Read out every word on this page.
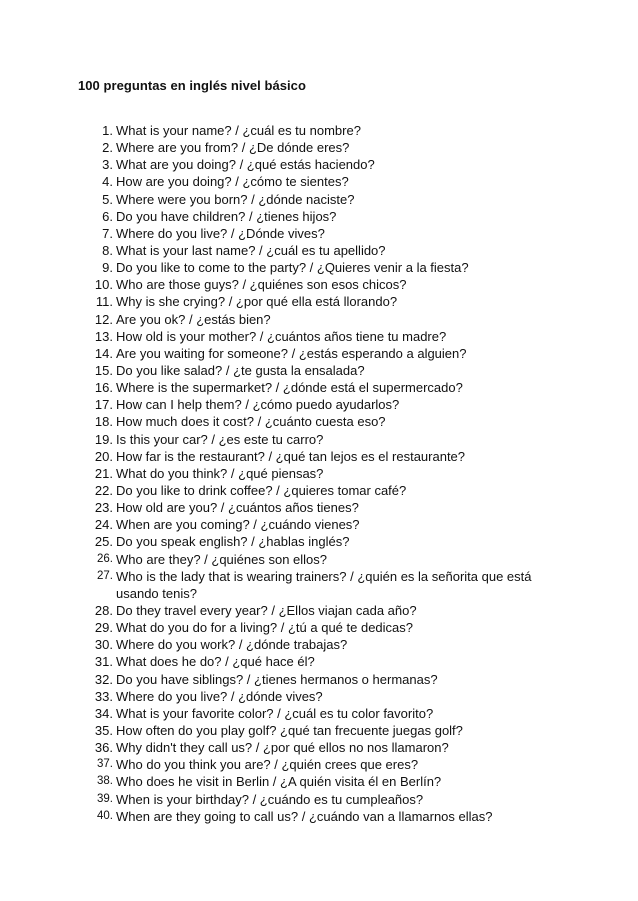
100 preguntas en inglés nivel básico
1. What is your name? / ¿cuál es tu nombre?
2. Where are you from? / ¿De dónde eres?
3. What are you doing? / ¿qué estás haciendo?
4. How are you doing? / ¿cómo te sientes?
5. Where were you born? / ¿dónde naciste?
6. Do you have children? / ¿tienes hijos?
7. Where do you live? / ¿Dónde vives?
8. What is your last name? / ¿cuál es tu apellido?
9. Do you like to come to the party? / ¿Quieres venir a la fiesta?
10. Who are those guys? / ¿quiénes son esos chicos?
11. Why is she crying? / ¿por qué ella está llorando?
12. Are you ok? / ¿estás bien?
13. How old is your mother? / ¿cuántos años tiene tu madre?
14. Are you waiting for someone? / ¿estás esperando a alguien?
15. Do you like salad? / ¿te gusta la ensalada?
16. Where is the supermarket? / ¿dónde está el supermercado?
17. How can I help them? / ¿cómo puedo ayudarlos?
18. How much does it cost? / ¿cuánto cuesta eso?
19. Is this your car? / ¿es este tu carro?
20. How far is the restaurant? / ¿qué tan lejos es el restaurante?
21. What do you think? / ¿qué piensas?
22. Do you like to drink coffee? / ¿quieres tomar café?
23. How old are you? / ¿cuántos años tienes?
24. When are you coming? / ¿cuándo vienes?
25. Do you speak english? / ¿hablas inglés?
26. Who are they? / ¿quiénes son ellos?
27. Who is the lady that is wearing trainers? / ¿quién es la señorita que está usando tenis?
28. Do they travel every year? / ¿Ellos viajan cada año?
29. What do you do for a living? / ¿tú a qué te dedicas?
30. Where do you work? / ¿dónde trabajas?
31. What does he do? / ¿qué hace él?
32. Do you have siblings? / ¿tienes hermanos o hermanas?
33. Where do you live? / ¿dónde vives?
34. What is your favorite color? / ¿cuál es tu color favorito?
35. How often do you play golf? ¿qué tan frecuente juegas golf?
36. Why didn't they call us? / ¿por qué ellos no nos llamaron?
37. Who do you think you are? / ¿quién crees que eres?
38. Who does he visit in Berlin / ¿A quién visita él en Berlín?
39. When is your birthday? / ¿cuándo es tu cumpleaños?
40. When are they going to call us? / ¿cuándo van a llamarnos ellas?
